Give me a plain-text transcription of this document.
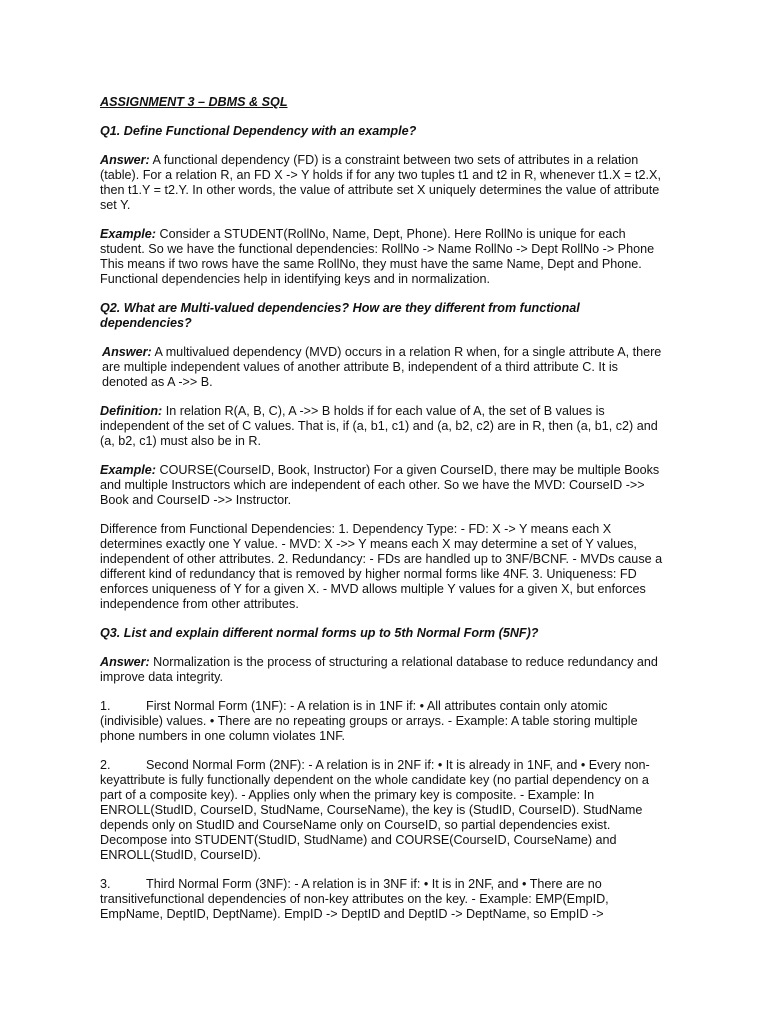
ASSIGNMENT 3 – DBMS & SQL

Q1. Define Functional Dependency with an example?

Answer: A functional dependency (FD) is a constraint between two sets of attributes in a relation (table). For a relation R, an FD X -> Y holds if for any two tuples t1 and t2 in R, whenever t1.X = t2.X, then t1.Y = t2.Y. In other words, the value of attribute set X uniquely determines the value of attribute set Y.

Example: Consider a STUDENT(RollNo, Name, Dept, Phone). Here RollNo is unique for each student. So we have the functional dependencies: RollNo -> Name RollNo -> Dept RollNo -> Phone This means if two rows have the same RollNo, they must have the same Name, Dept and Phone. Functional dependencies help in identifying keys and in normalization.

Q2. What are Multi-valued dependencies? How are they different from functional dependencies?

Answer: A multivalued dependency (MVD) occurs in a relation R when, for a single attribute A, there are multiple independent values of another attribute B, independent of a third attribute C. It is denoted as A ->> B.

Definition: In relation R(A, B, C), A ->> B holds if for each value of A, the set of B values is independent of the set of C values. That is, if (a, b1, c1) and (a, b2, c2) are in R, then (a, b1, c2) and (a, b2, c1) must also be in R.

Example: COURSE(CourseID, Book, Instructor) For a given CourseID, there may be multiple Books and multiple Instructors which are independent of each other. So we have the MVD: CourseID ->> Book and CourseID ->> Instructor.

Difference from Functional Dependencies: 1. Dependency Type: - FD: X -> Y means each X determines exactly one Y value. - MVD: X ->> Y means each X may determine a set of Y values, independent of other attributes. 2. Redundancy: - FDs are handled up to 3NF/BCNF. - MVDs cause a different kind of redundancy that is removed by higher normal forms like 4NF. 3. Uniqueness: FD enforces uniqueness of Y for a given X. - MVD allows multiple Y values for a given X, but enforces independence from other attributes.

Q3. List and explain different normal forms up to 5th Normal Form (5NF)?

Answer: Normalization is the process of structuring a relational database to reduce redundancy and improve data integrity.

1.	First Normal Form (1NF): - A relation is in 1NF if: • All attributes contain only atomic (indivisible) values. • There are no repeating groups or arrays. - Example: A table storing multiple phone numbers in one column violates 1NF.

2.	Second Normal Form (2NF): - A relation is in 2NF if: • It is already in 1NF, and • Every non-keyattribute is fully functionally dependent on the whole candidate key (no partial dependency on a part of a composite key). - Applies only when the primary key is composite. - Example: In ENROLL(StudID, CourseID, StudName, CourseName), the key is (StudID, CourseID). StudName depends only on StudID and CourseName only on CourseID, so partial dependencies exist. Decompose into STUDENT(StudID, StudName) and COURSE(CourseID, CourseName) and ENROLL(StudID, CourseID).

3.	Third Normal Form (3NF): - A relation is in 3NF if: • It is in 2NF, and • There are no transitivefunctional dependencies of non-key attributes on the key. - Example: EMP(EmpID, EmpName, DeptID, DeptName). EmpID -> DeptID and DeptID -> DeptName, so EmpID ->
